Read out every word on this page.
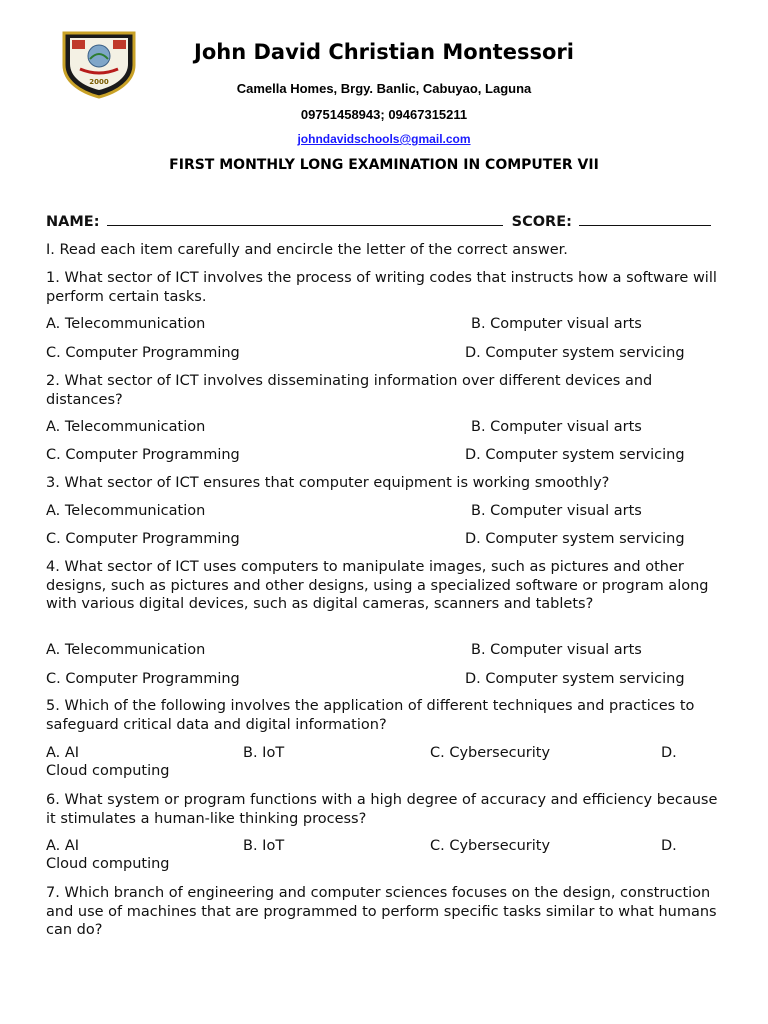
2000
John David Christian Montessori
Camella Homes, Brgy. Banlic, Cabuyao, Laguna
09751458943; 09467315211
johndavidschools@gmail.com
FIRST MONTHLY LONG EXAMINATION IN COMPUTER VII
NAME:	SCORE:
I. Read each item carefully and encircle the letter of the correct answer.
1. What sector of ICT involves the process of writing codes that instructs how a software will perform certain tasks.
A. Telecommunication	B. Computer visual arts
C. Computer Programming	D. Computer system servicing
2. What sector of ICT involves disseminating information over different devices and distances?
A. Telecommunication	B. Computer visual arts
C. Computer Programming	D. Computer system servicing
3. What sector of ICT ensures that computer equipment is working smoothly?
A. Telecommunication	B. Computer visual arts
C. Computer Programming	D. Computer system servicing
4. What sector of ICT uses computers to manipulate images, such as pictures and other designs, such as pictures and other designs, using a specialized software or program along with various digital devices, such as digital cameras, scanners and tablets?
A. Telecommunication	B. Computer visual arts
C. Computer Programming	D. Computer system servicing
5. Which of the following involves the application of different techniques and practices to safeguard critical data and digital information?
A. AI	B. IoT	C. Cybersecurity	D.
Cloud computing
6. What system or program functions with a high degree of accuracy and efficiency because it stimulates a human-like thinking process?
A. AI	B. IoT	C. Cybersecurity	D.
Cloud computing
7. Which branch of engineering and computer sciences focuses on the design, construction and use of machines that are programmed to perform specific tasks similar to what humans can do?
